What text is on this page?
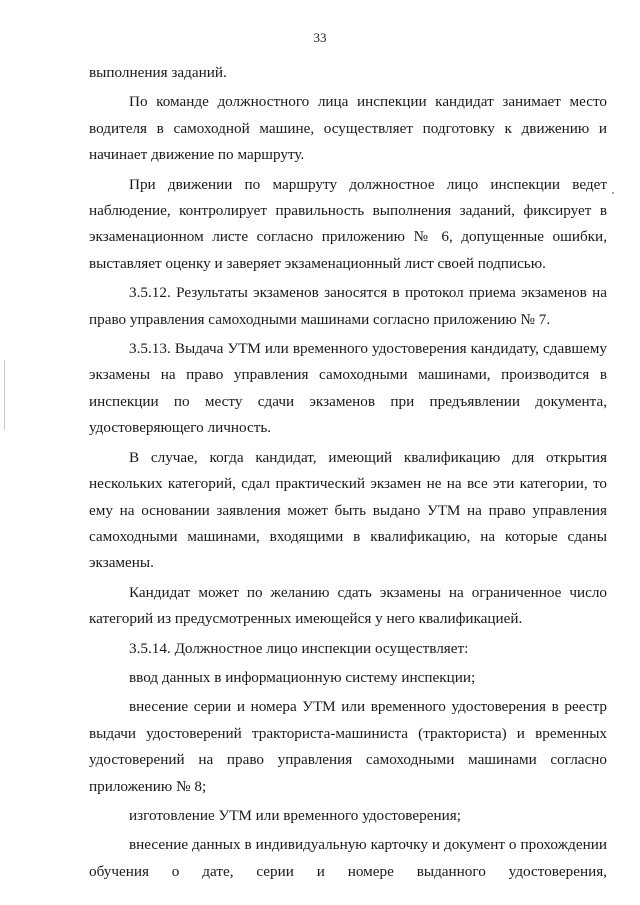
33

выполнения заданий.

По команде должностного лица инспекции кандидат занимает место водителя в самоходной машине, осуществляет подготовку к движению и начинает движение по маршруту.

При движении по маршруту должностное лицо инспекции ведет наблюдение, контролирует правильность выполнения заданий, фиксирует в экзаменационном листе согласно приложению № 6, допущенные ошибки, выставляет оценку и заверяет экзаменационный лист своей подписью.

3.5.12. Результаты экзаменов заносятся в протокол приема экзаменов на право управления самоходными машинами согласно приложению № 7.

3.5.13. Выдача УТМ или временного удостоверения кандидату, сдавшему экзамены на право управления самоходными машинами, производится в инспекции по месту сдачи экзаменов при предъявлении документа, удостоверяющего личность.

В случае, когда кандидат, имеющий квалификацию для открытия нескольких категорий, сдал практический экзамен не на все эти категории, то ему на основании заявления может быть выдано УТМ на право управления самоходными машинами, входящими в квалификацию, на которые сданы экзамены.

Кандидат может по желанию сдать экзамены на ограниченное число категорий из предусмотренных имеющейся у него квалификацией.

3.5.14. Должностное лицо инспекции осуществляет:

ввод данных в информационную систему инспекции;

внесение серии и номера УТМ или временного удостоверения в реестр выдачи удостоверений тракториста-машиниста (тракториста) и временных удостоверений на право управления самоходными машинами согласно приложению № 8;

изготовление УТМ или временного удостоверения;

внесение данных в индивидуальную карточку и документ о прохождении обучения о дате, серии и номере выданного удостоверения,
